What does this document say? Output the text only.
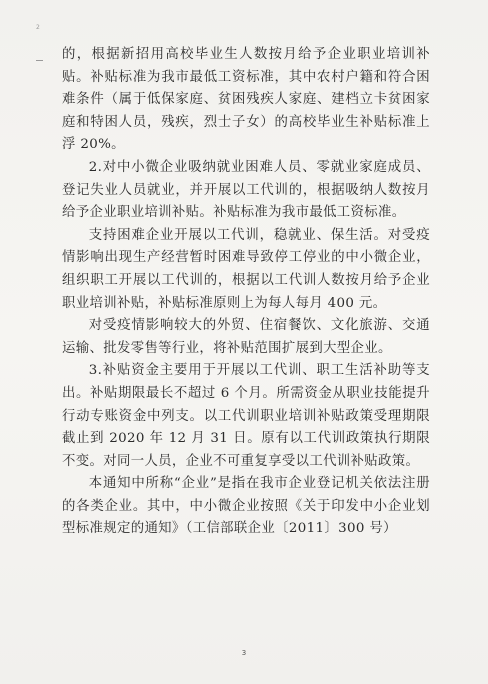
2

的，根据新招用高校毕业生人数按月给予企业职业培训补贴。补贴标准为我市最低工资标准，其中农村户籍和符合困难条件（属于低保家庭、贫困残疾人家庭、建档立卡贫困家庭和特困人员，残疾，烈士子女）的高校毕业生补贴标准上浮 20%。

2.对中小微企业吸纳就业困难人员、零就业家庭成员、登记失业人员就业，并开展以工代训的，根据吸纳人数按月给予企业职业培训补贴。补贴标准为我市最低工资标准。

支持困难企业开展以工代训，稳就业、保生活。对受疫情影响出现生产经营暂时困难导致停工停业的中小微企业，组织职工开展以工代训的，根据以工代训人数按月给予企业职业培训补贴，补贴标准原则上为每人每月 400 元。

对受疫情影响较大的外贸、住宿餐饮、文化旅游、交通运输、批发零售等行业，将补贴范围扩展到大型企业。

3.补贴资金主要用于开展以工代训、职工生活补助等支出。补贴期限最长不超过 6 个月。所需资金从职业技能提升行动专账资金中列支。以工代训职业培训补贴政策受理期限截止到 2020 年 12 月 31 日。原有以工代训政策执行期限不变。对同一人员，企业不可重复享受以工代训补贴政策。

本通知中所称“企业”是指在我市企业登记机关依法注册的各类企业。其中，中小微企业按照《关于印发中小企业划型标准规定的通知》（工信部联企业〔2011〕300 号）

3
